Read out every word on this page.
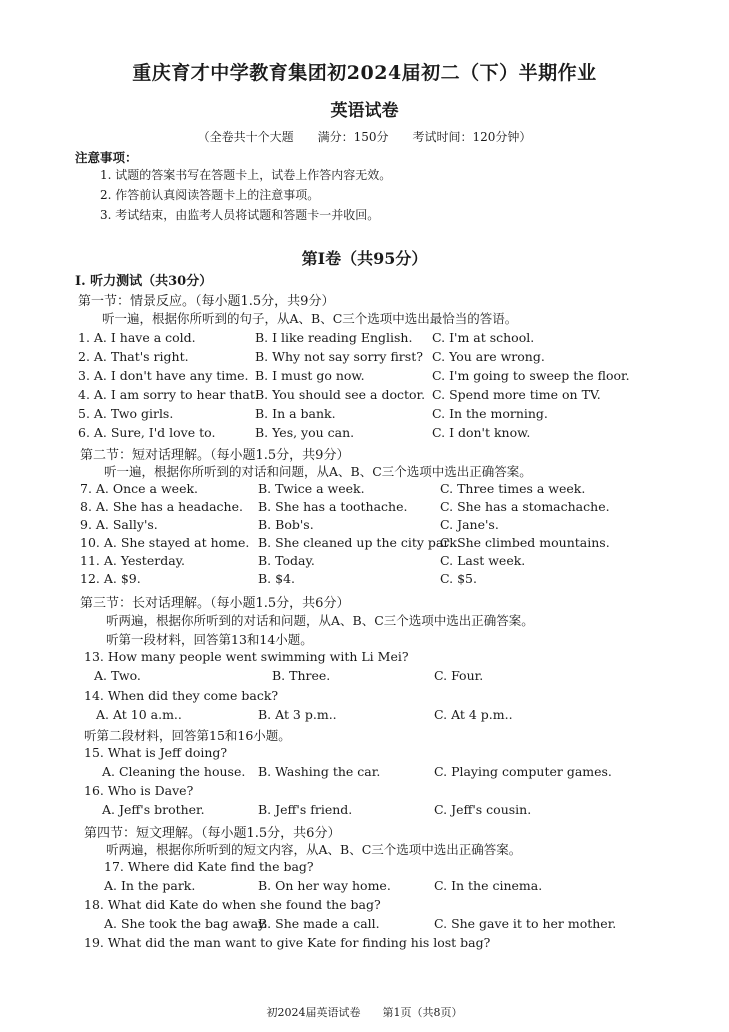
重庆育才中学教育集团初2024届初二（下）半期作业
英语试卷
（全卷共十个大题　　满分：150分　　考试时间：120分钟）
注意事项：
1. 试题的答案书写在答题卡上，试卷上作答内容无效。
2. 作答前认真阅读答题卡上的注意事项。
3. 考试结束，由监考人员将试题和答题卡一并收回。
第Ⅰ卷（共95分）
Ⅰ. 听力测试（共30分）
第一节：情景反应。（每小题1.5分，共9分）
听一遍，根据你所听到的句子，从A、B、C三个选项中选出最恰当的答语。
1. A. I have a cold.	B. I like reading English. C. I'm at school.
2. A. That's right.	B. Why not say sorry first? C. You are wrong.
3. A. I don't have any time. B. I must go now.	C. I'm going to sweep the floor.
4. A. I am sorry to hear that.
B. You should see a doctor. C. Spend more time on TV.
5. A. Two girls.	B. In a bank.	C. In the morning.
6. A. Sure, I'd love to.	B. Yes, you can.	C. I don't know.
第二节：短对话理解。（每小题1.5分，共9分）
听一遍，根据你所听到的对话和问题，从A、B、C三个选项中选出正确答案。
7. A. Once a week.	B. Twice a week.	C. Three times a week.
8. A. She has a headache. B. She has a toothache.	C. She has a stomachache.
9. A. Sally's.	B. Bob's.	C. Jane's.
10. A. She stayed at home. B. She cleaned up the city park.
C. She climbed mountains.
11. A. Yesterday.	B. Today.	C. Last week.
12. A. $9.	B. $4.	C. $5.
第三节：长对话理解。（每小题1.5分，共6分）
听两遍，根据你所听到的对话和问题，从A、B、C三个选项中选出正确答案。
听第一段材料，回答第13和14小题。
13. How many people went swimming with Li Mei?
A. Two.	B. Three.	C. Four.
14. When did they come back?
A. At 10 a.m..	B. At 3 p.m..	C. At 4 p.m..
听第二段材料，回答第15和16小题。
15. What is Jeff doing?
A. Cleaning the house. B. Washing the car.	C. Playing computer games.
16. Who is Dave?
A. Jeff's brother.	B. Jeff's friend.	C. Jeff's cousin.
第四节：短文理解。（每小题1.5分，共6分）
听两遍，根据你所听到的短文内容，从A、B、C三个选项中选出正确答案。
17. Where did Kate find the bag?
A. In the park.	B. On her way home.	C. In the cinema.
18. What did Kate do when she found the bag?
A. She took the bag away.
B. She made a call.	C. She gave it to her mother.
19. What did the man want to give Kate for finding his lost bag?
初2024届英语试卷　　第1页（共8页）
